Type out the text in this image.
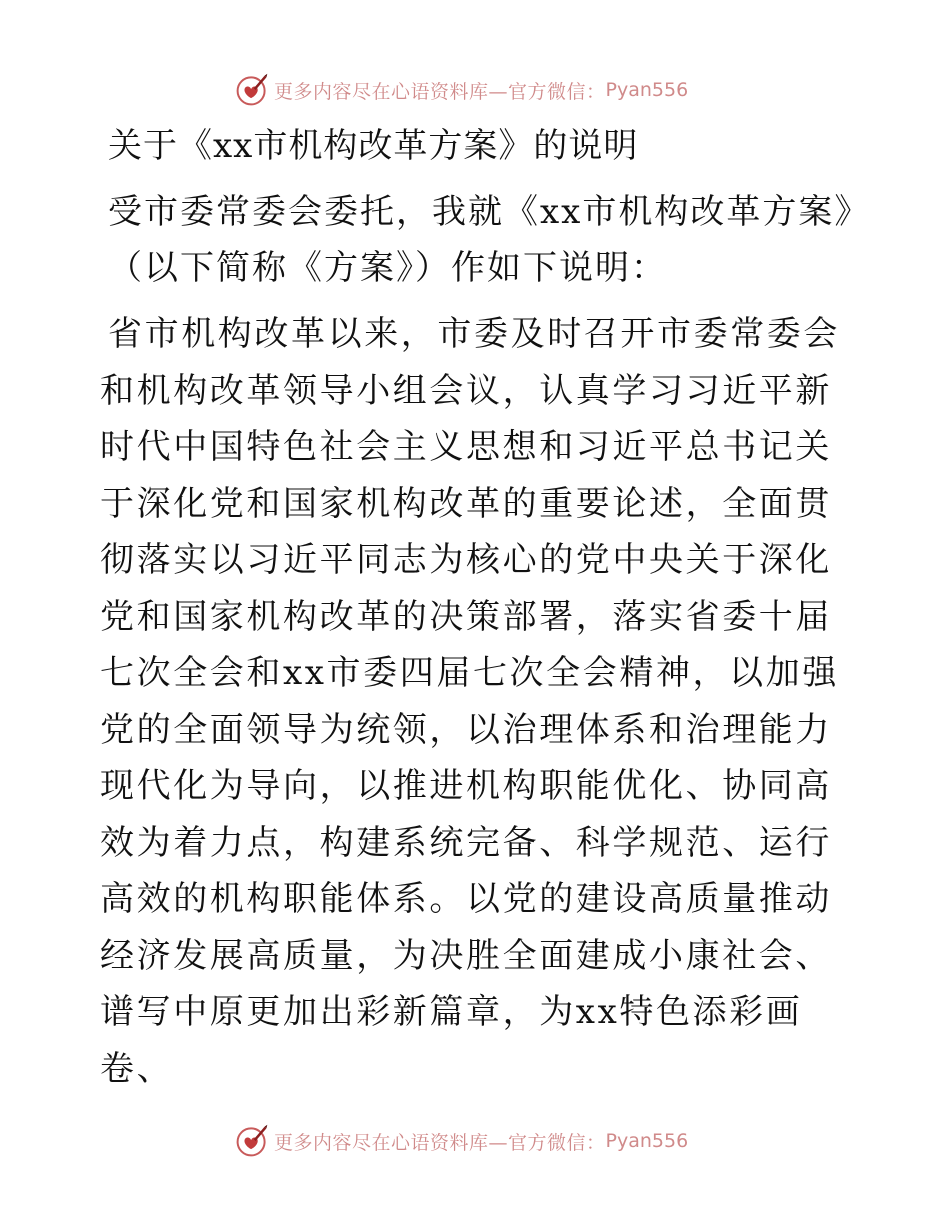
更多内容尽在心语资料库—官方微信： Pyan556

关于《xx市机构改革方案》的说明

受市委常委会委托，我就《xx市机构改革方案》（以下简称《方案》）作如下说明：

省市机构改革以来，市委及时召开市委常委会和机构改革领导小组会议，认真学习习近平新时代中国特色社会主义思想和习近平总书记关于深化党和国家机构改革的重要论述，全面贯彻落实以习近平同志为核心的党中央关于深化党和国家机构改革的决策部署，落实省委十届七次全会和xx市委四届七次全会精神，以加强党的全面领导为统领，以治理体系和治理能力现代化为导向，以推进机构职能优化、协同高效为着力点，构建系统完备、科学规范、运行高效的机构职能体系。以党的建设高质量推动经济发展高质量，为决胜全面建成小康社会、谱写中原更加出彩新篇章，为xx特色添彩画卷、

更多内容尽在心语资料库—官方微信： Pyan556
